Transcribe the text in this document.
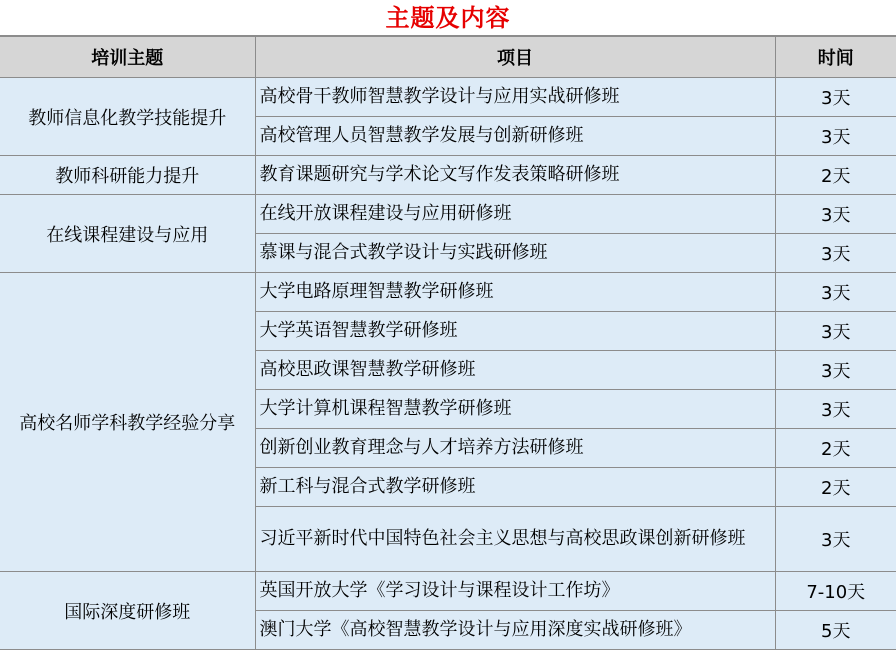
主题及内容
培训主题	项目	时间
教师信息化教学技能提升	高校骨干教师智慧教学设计与应用实战研修班	3天
	高校管理人员智慧教学发展与创新研修班	3天
教师科研能力提升	教育课题研究与学术论文写作发表策略研修班	2天
在线课程建设与应用	在线开放课程建设与应用研修班	3天
	慕课与混合式教学设计与实践研修班	3天
高校名师学科教学经验分享	大学电路原理智慧教学研修班	3天
	大学英语智慧教学研修班	3天
	高校思政课智慧教学研修班	3天
	大学计算机课程智慧教学研修班	3天
	创新创业教育理念与人才培养方法研修班	2天
	新工科与混合式教学研修班	2天
	习近平新时代中国特色社会主义思想与高校思政课创新研修班	3天
国际深度研修班	英国开放大学《学习设计与课程设计工作坊》	7-10天
	澳门大学《高校智慧教学设计与应用深度实战研修班》	5天
